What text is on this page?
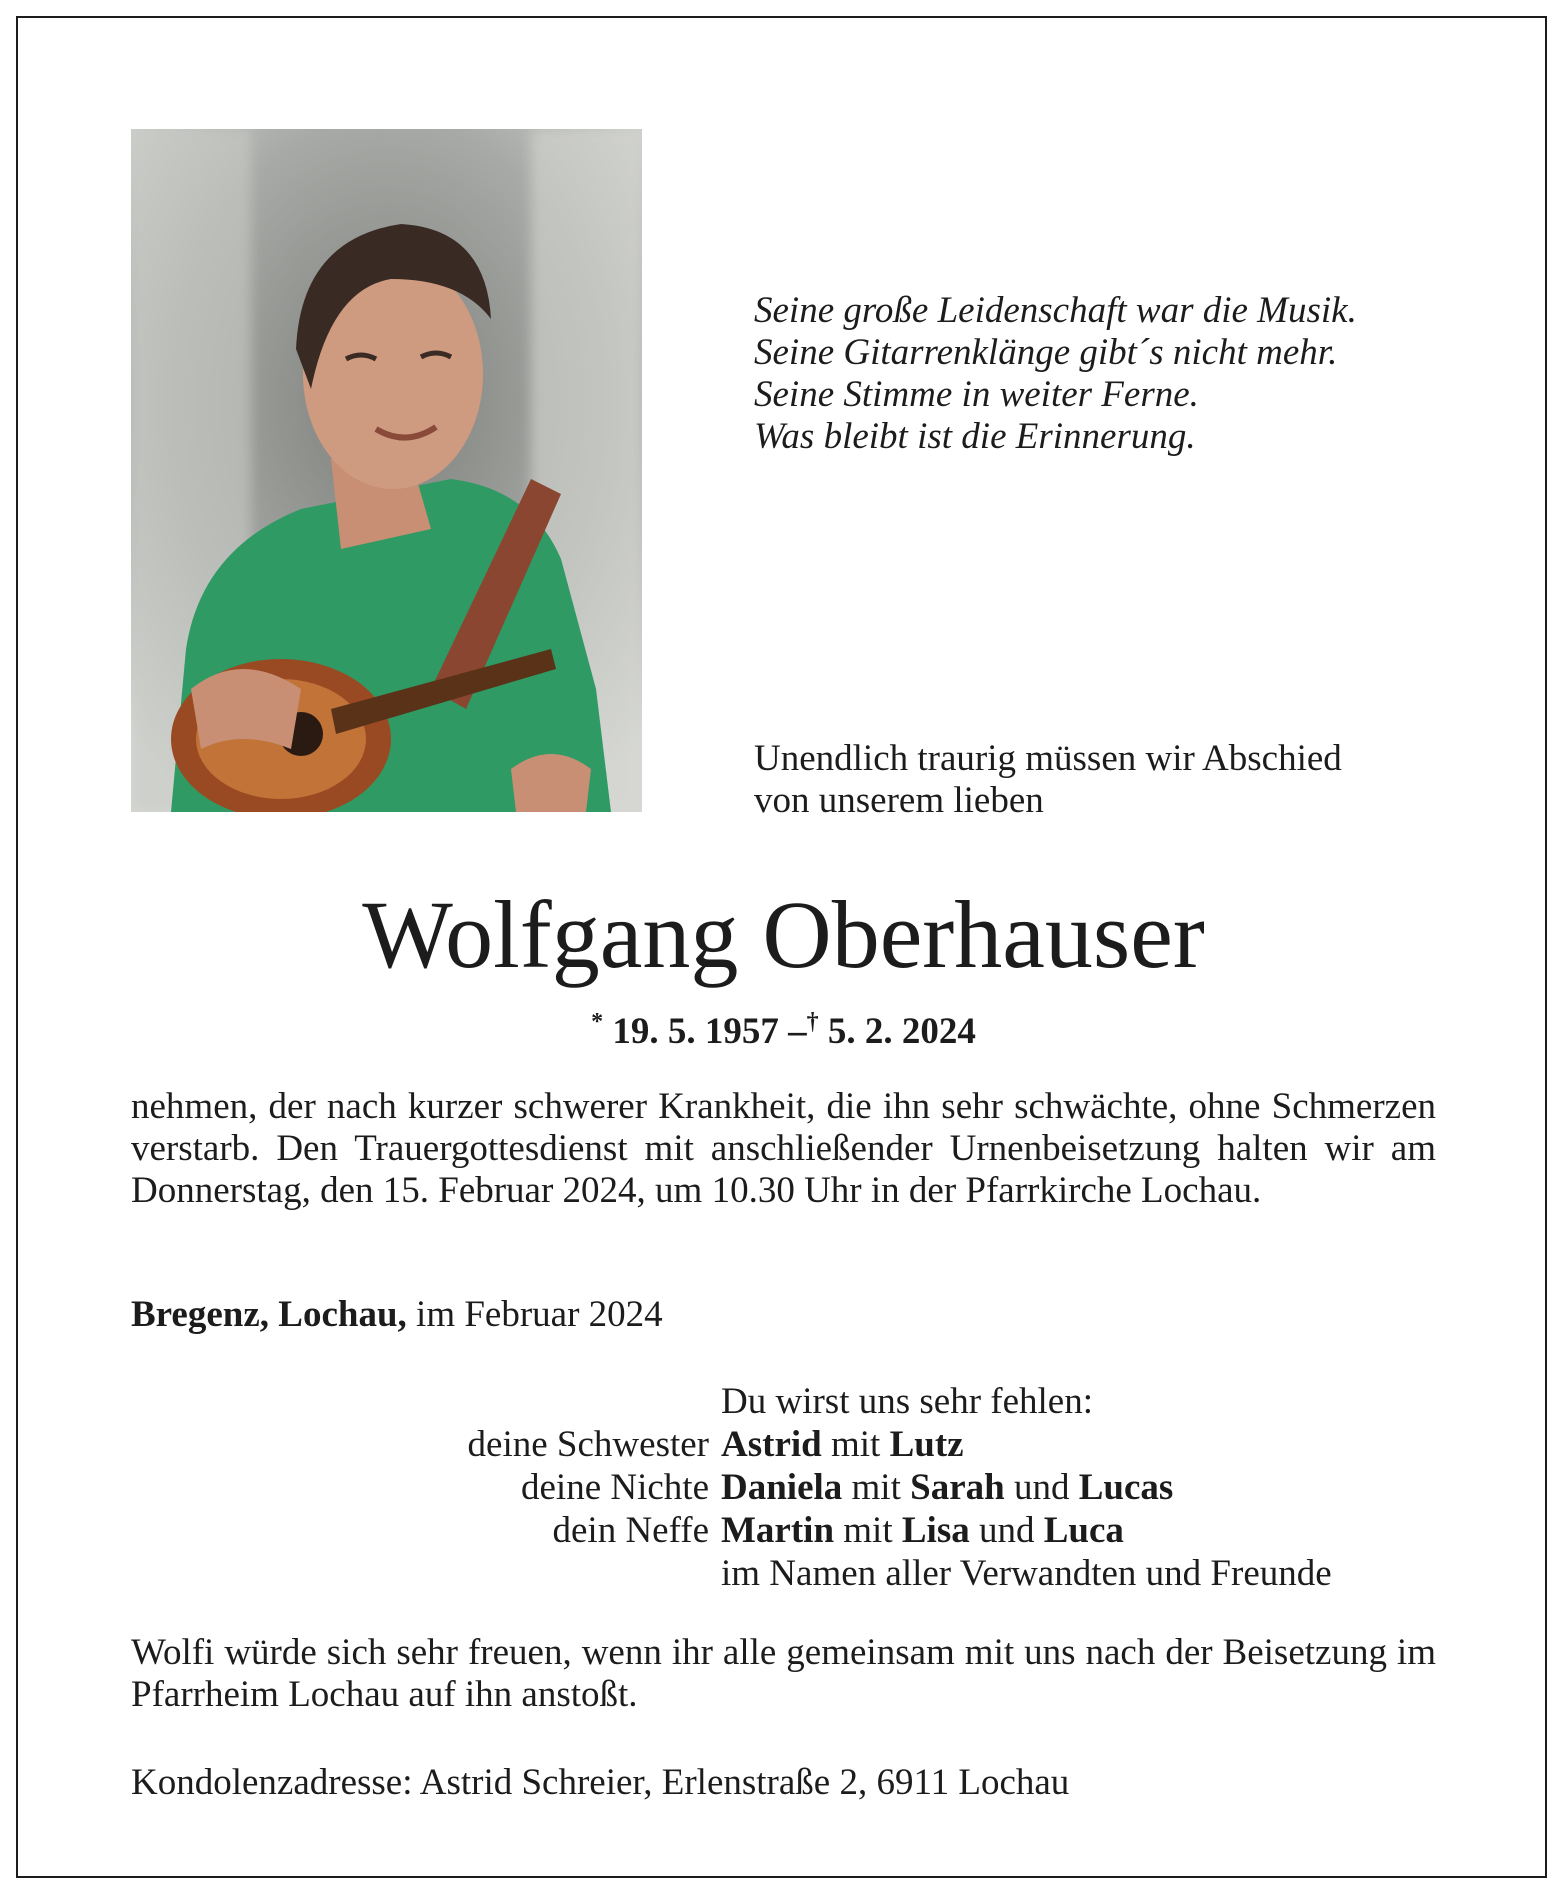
Seine große Leidenschaft war die Musik.
Seine Gitarrenklänge gibt´s nicht mehr.
Seine Stimme in weiter Ferne.
Was bleibt ist die Erinnerung.
Unendlich traurig müssen wir Abschied
von unserem lieben
Wolfgang Oberhauser
* 19. 5. 1957 –† 5. 2. 2024
nehmen, der nach kurzer schwerer Krankheit, die ihn sehr schwächte, ohne Schmerzen verstarb. Den Trauergottesdienst mit anschließender Urnenbeisetzung halten wir am Donnerstag, den 15. Februar 2024, um 10.30 Uhr in der Pfarrkirche Lochau.
Bregenz, Lochau, im Februar 2024
Du wirst uns sehr fehlen:
deine Schwester Astrid mit Lutz
deine Nichte Daniela mit Sarah und Lucas
dein Neffe Martin mit Lisa und Luca
im Namen aller Verwandten und Freunde
Wolfi würde sich sehr freuen, wenn ihr alle gemeinsam mit uns nach der Beisetzung im Pfarrheim Lochau auf ihn anstoßt.
Kondolenzadresse: Astrid Schreier, Erlenstraße 2, 6911 Lochau
